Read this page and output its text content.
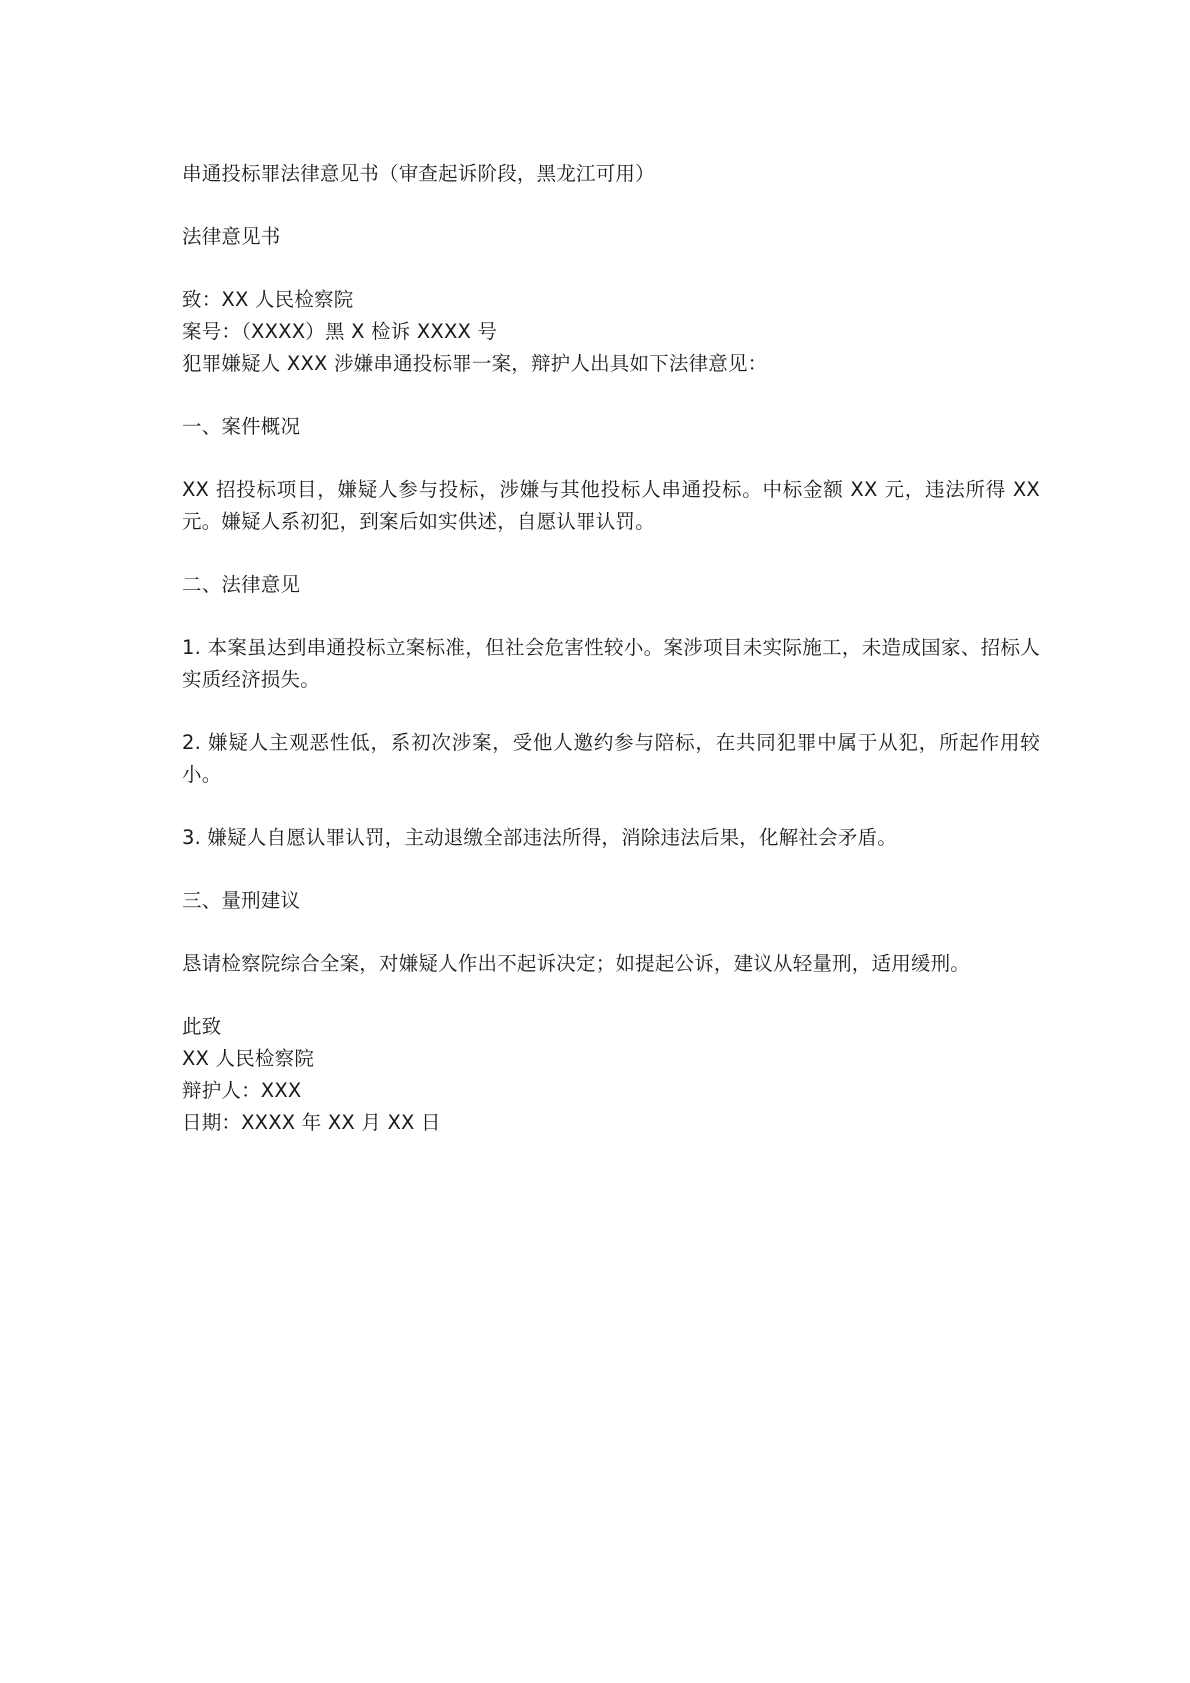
串通投标罪法律意见书（审查起诉阶段，黑龙江可用）
法律意见书
致：XX 人民检察院
案号：（XXXX）黑 X 检诉 XXXX 号
犯罪嫌疑人 XXX 涉嫌串通投标罪一案，辩护人出具如下法律意见：
一、案件概况

XX 招投标项目，嫌疑人参与投标，涉嫌与其他投标人串通投标。中标金额 XX 元，违法所得 XX 元。嫌疑人系初犯，到案后如实供述，自愿认罪认罚。

二、法律意见

1. 本案虽达到串通投标立案标准，但社会危害性较小。案涉项目未实际施工，未造成国家、招标人实质经济损失。

2. 嫌疑人主观恶性低，系初次涉案，受他人邀约参与陪标，在共同犯罪中属于从犯，所起作用较小。

3. 嫌疑人自愿认罪认罚，主动退缴全部违法所得，消除违法后果，化解社会矛盾。

三、量刑建议

恳请检察院综合全案，对嫌疑人作出不起诉决定；如提起公诉，建议从轻量刑，适用缓刑。

此致
XX 人民检察院
辩护人：XXX
日期：XXXX 年 XX 月 XX 日
